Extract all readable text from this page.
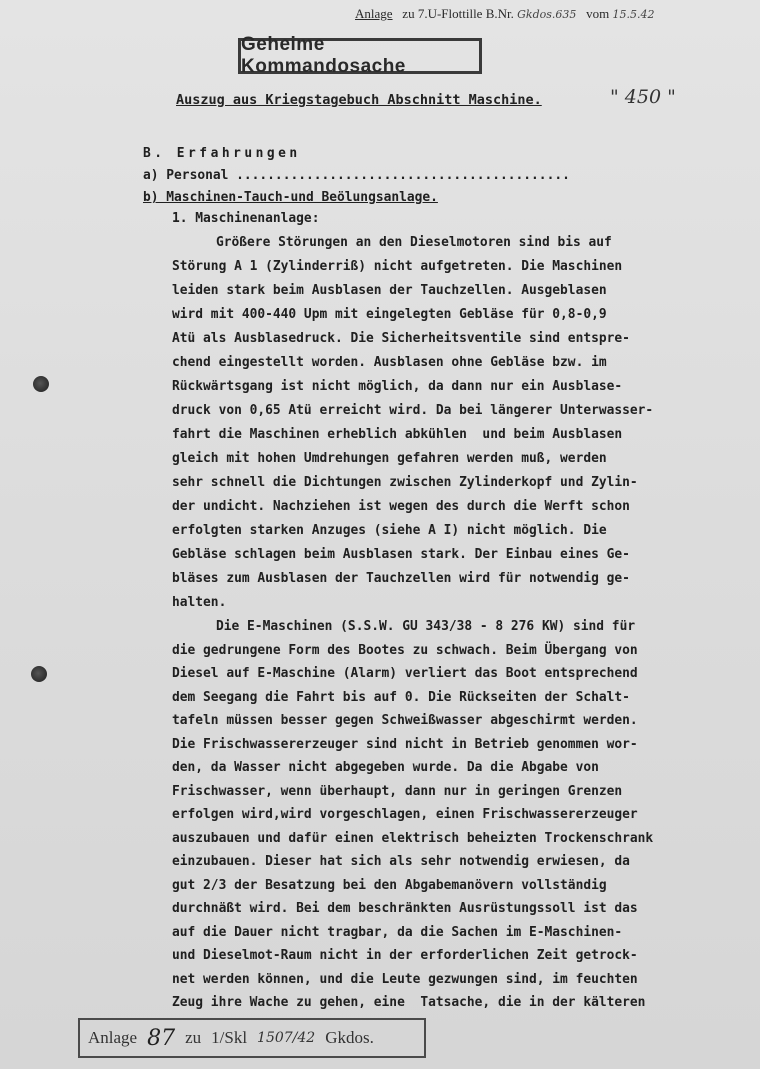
Anlage zu 7.U-Flottille B.Nr. Gkdos.635 vom 15.5.42
Geheime Kommandosache
Auszug aus Kriegstagebuch Abschnitt Maschine.	" 450 "
B. Erfahrungen
a) Personal ...........................................
b) Maschinen-Tauch-und Beölungsanlage.
1. Maschinenanlage:
Größere Störungen an den Dieselmotoren sind bis auf
Störung A 1 (Zylinderriß) nicht aufgetreten. Die Maschinen
leiden stark beim Ausblasen der Tauchzellen. Ausgeblasen
wird mit 400-440 Upm mit eingelegten Gebläse für 0,8-0,9
Atü als Ausblasedruck. Die Sicherheitsventile sind entspre-
chend eingestellt worden. Ausblasen ohne Gebläse bzw. im
Rückwärtsgang ist nicht möglich, da dann nur ein Ausblase-
druck von 0,65 Atü erreicht wird. Da bei längerer Unterwasser-
fahrt die Maschinen erheblich abkühlen  und beim Ausblasen
gleich mit hohen Umdrehungen gefahren werden muß, werden
sehr schnell die Dichtungen zwischen Zylinderkopf und Zylin-
der undicht. Nachziehen ist wegen des durch die Werft schon
erfolgten starken Anzuges (siehe A I) nicht möglich. Die
Gebläse schlagen beim Ausblasen stark. Der Einbau eines Ge-
bläses zum Ausblasen der Tauchzellen wird für notwendig ge-
halten.
Die E-Maschinen (S.S.W. GU 343/38 - 8 276 KW) sind für
die gedrungene Form des Bootes zu schwach. Beim Übergang von
Diesel auf E-Maschine (Alarm) verliert das Boot entsprechend
dem Seegang die Fahrt bis auf 0. Die Rückseiten der Schalt-
tafeln müssen besser gegen Schweißwasser abgeschirmt werden.
Die Frischwassererzeuger sind nicht in Betrieb genommen wor-
den, da Wasser nicht abgegeben wurde. Da die Abgabe von
Frischwasser, wenn überhaupt, dann nur in geringen Grenzen
erfolgen wird,wird vorgeschlagen, einen Frischwassererzeuger
auszubauen und dafür einen elektrisch beheizten Trockenschrank
einzubauen. Dieser hat sich als sehr notwendig erwiesen, da
gut 2/3 der Besatzung bei den Abgabemanövern vollständig
durchnäßt wird. Bei dem beschränkten Ausrüstungssoll ist das
auf die Dauer nicht tragbar, da die Sachen im E-Maschinen-
und Dieselmot-Raum nicht in der erforderlichen Zeit getrock-
net werden können, und die Leute gezwungen sind, im feuchten
Zeug ihre Wache zu gehen, eine  Tatsache, die in der kälteren
Anlage 87 zu 1/Skl 1507/42 Gkdos.
